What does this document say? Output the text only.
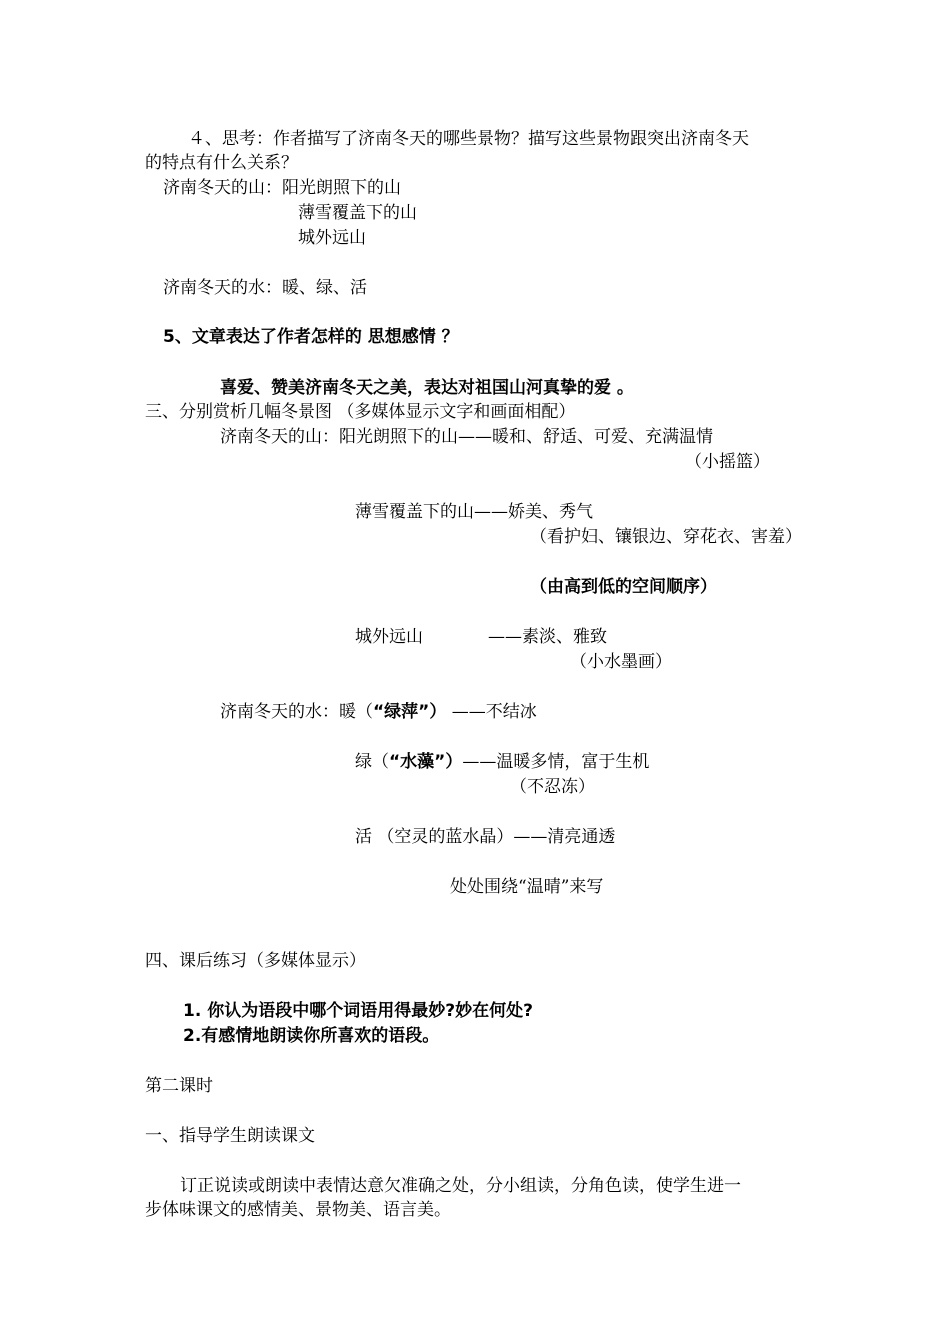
４、思考：作者描写了济南冬天的哪些景物？描写这些景物跟突出济南冬天
的特点有什么关系？
济南冬天的山：阳光朗照下的山
薄雪覆盖下的山
城外远山
济南冬天的水：暖、绿、活
5、文章表达了作者怎样的 思想感情 ？
喜爱、赞美济南冬天之美，表达对祖国山河真挚的爱 。
三、分别赏析几幅冬景图 （多媒体显示文字和画面相配）
济南冬天的山：阳光朗照下的山——暖和、舒适、可爱、充满温情
（小摇篮）
薄雪覆盖下的山——娇美、秀气
（看护妇、镶银边、穿花衣、害羞）
（由高到低的空间顺序）
城外远山	——素淡、雅致
（小水墨画）
济南冬天的水：暖（“绿萍”） ——不结冰
绿（“水藻”）——温暖多情，富于生机
（不忍冻）
活 （空灵的蓝水晶）——清亮通透
处处围绕“温晴”来写
四、课后练习（多媒体显示）
1. 你认为语段中哪个词语用得最妙?妙在何处?
2.有感情地朗读你所喜欢的语段。
第二课时
一、指导学生朗读课文
订正说读或朗读中表情达意欠准确之处，分小组读，分角色读，使学生进一
步体味课文的感情美、景物美、语言美。
